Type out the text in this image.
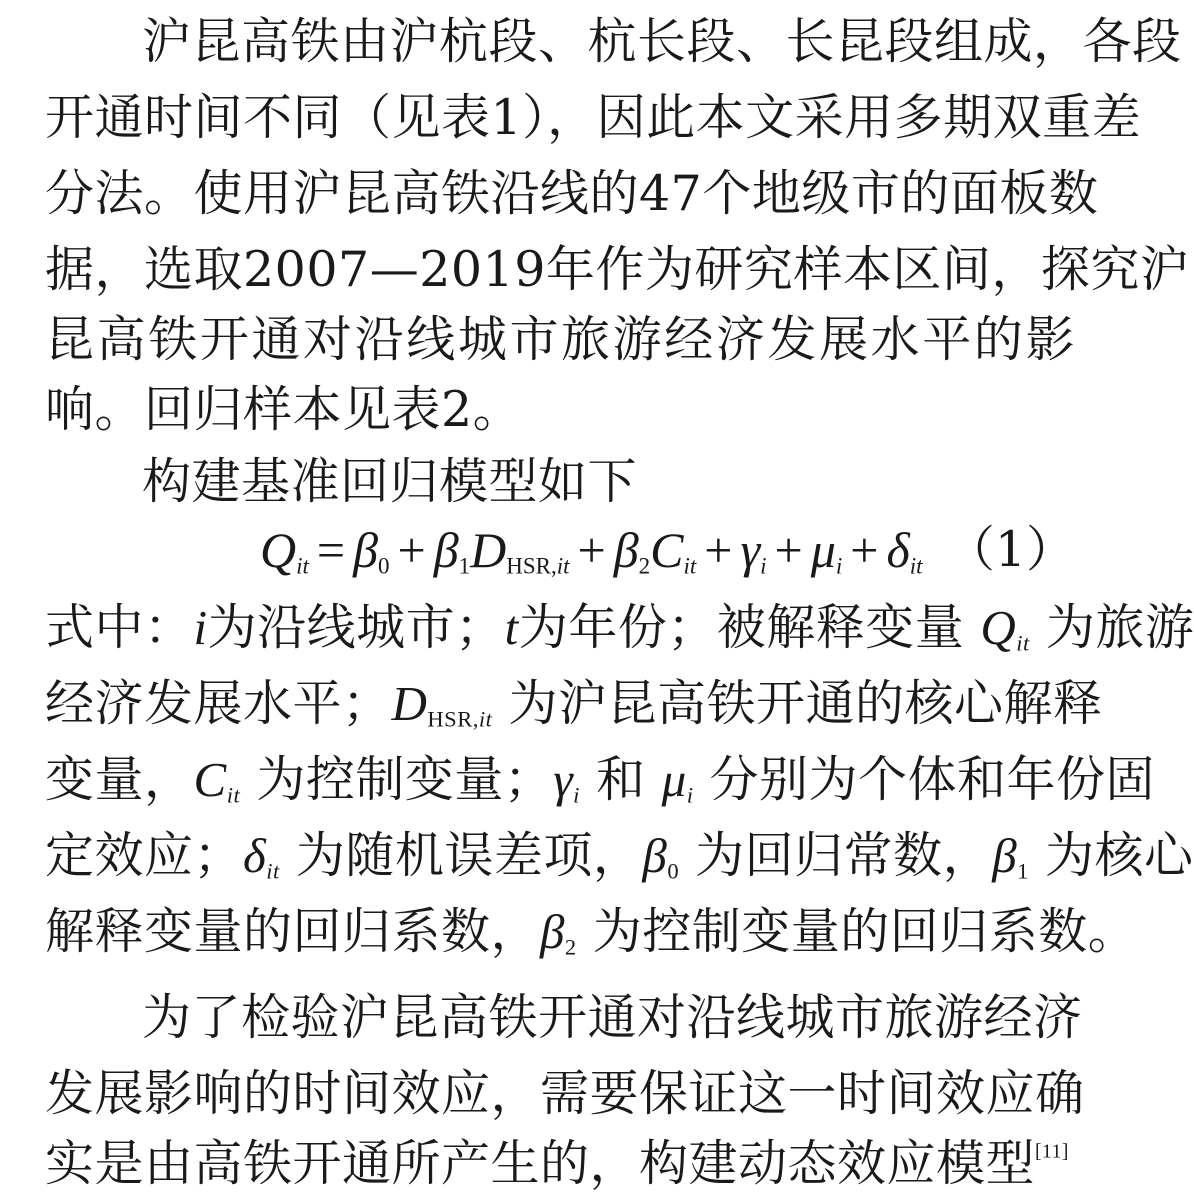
沪昆高铁由沪杭段、杭长段、长昆段组成，各段
开通时间不同（见表1），因此本文采用多期双重差
分法。使用沪昆高铁沿线的47个地级市的面板数
据，选取2007—2019年作为研究样本区间，探究沪
昆高铁开通对沿线城市旅游经济发展水平的影
响。回归样本见表2。
构建基准回归模型如下
$Q_{it} = \beta_0 + \beta_1D_{HSR,it} + \beta_2C_{it} + \gamma_i + \mu_i + \delta_{it}$ （1）
式中：i为沿线城市；t为年份；被解释变量 $Q_{it}$ 为旅游
经济发展水平；$D_{HSR,it}$ 为沪昆高铁开通的核心解释
变量，$C_{it}$ 为控制变量；$\gamma_i$ 和 $\mu_i$ 分别为个体和年份固
定效应；$\delta_{it}$ 为随机误差项，$\beta_0$ 为回归常数，$\beta_1$ 为核心
解释变量的回归系数，$\beta_2$ 为控制变量的回归系数。
为了检验沪昆高铁开通对沿线城市旅游经济
发展影响的时间效应，需要保证这一时间效应确
实是由高铁开通所产生的，构建动态效应模型[11]
